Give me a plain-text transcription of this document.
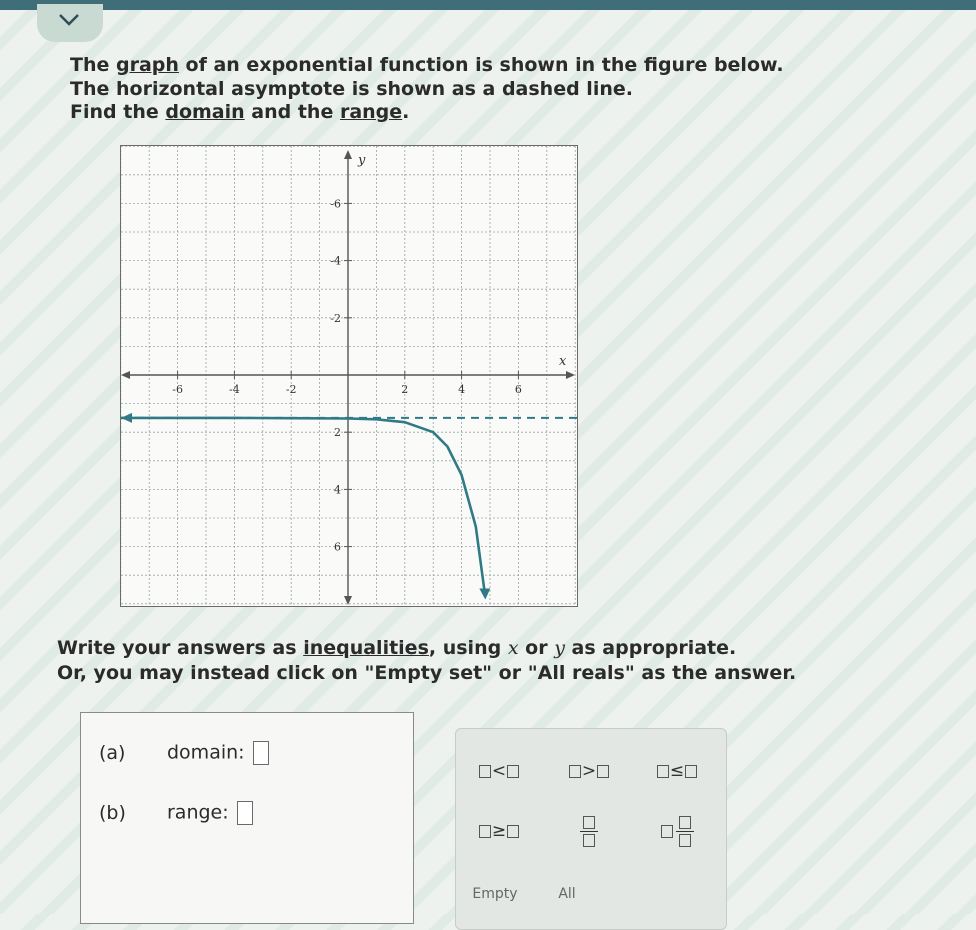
The graph of an exponential function is shown in the figure below.
The horizontal asymptote is shown as a dashed line.
Find the domain and the range.
-6	-4	-2	2	4	6
6
4
2
-2
-4
-6
x
y
Write your answers as inequalities, using x or y as appropriate.
Or, you may instead click on "Empty set" or "All reals" as the answer.
(a) domain:
(b) range:
<	>	≤
≥
Empty	All
